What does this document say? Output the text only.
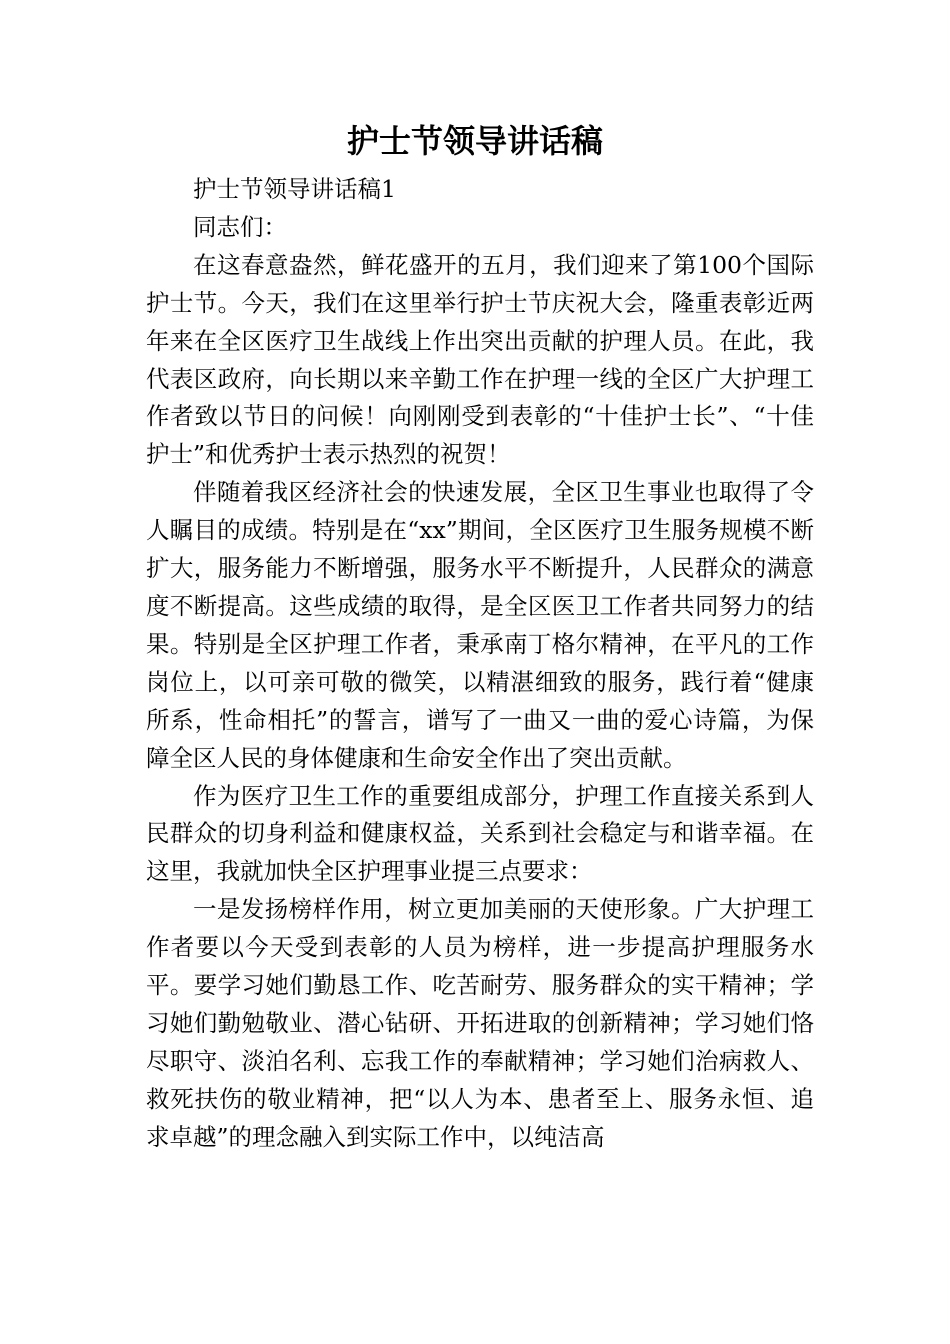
护士节领导讲话稿

护士节领导讲话稿1

同志们：

在这春意盎然，鲜花盛开的五月，我们迎来了第100个国际护士节。今天，我们在这里举行护士节庆祝大会，隆重表彰近两年来在全区医疗卫生战线上作出突出贡献的护理人员。在此，我代表区政府，向长期以来辛勤工作在护理一线的全区广大护理工作者致以节日的问候！向刚刚受到表彰的“十佳护士长”、“十佳护士”和优秀护士表示热烈的祝贺！

伴随着我区经济社会的快速发展，全区卫生事业也取得了令人瞩目的成绩。特别是在“xx”期间，全区医疗卫生服务规模不断扩大，服务能力不断增强，服务水平不断提升，人民群众的满意度不断提高。这些成绩的取得，是全区医卫工作者共同努力的结果。特别是全区护理工作者，秉承南丁格尔精神，在平凡的工作岗位上，以可亲可敬的微笑，以精湛细致的服务，践行着“健康所系，性命相托”的誓言，谱写了一曲又一曲的爱心诗篇，为保障全区人民的身体健康和生命安全作出了突出贡献。

作为医疗卫生工作的重要组成部分，护理工作直接关系到人民群众的切身利益和健康权益，关系到社会稳定与和谐幸福。在这里，我就加快全区护理事业提三点要求：

一是发扬榜样作用，树立更加美丽的天使形象。广大护理工作者要以今天受到表彰的人员为榜样，进一步提高护理服务水平。要学习她们勤恳工作、吃苦耐劳、服务群众的实干精神；学习她们勤勉敬业、潜心钻研、开拓进取的创新精神；学习她们恪尽职守、淡泊名利、忘我工作的奉献精神；学习她们治病救人、救死扶伤的敬业精神，把“以人为本、患者至上、服务永恒、追求卓越”的理念融入到实际工作中，以纯洁高
